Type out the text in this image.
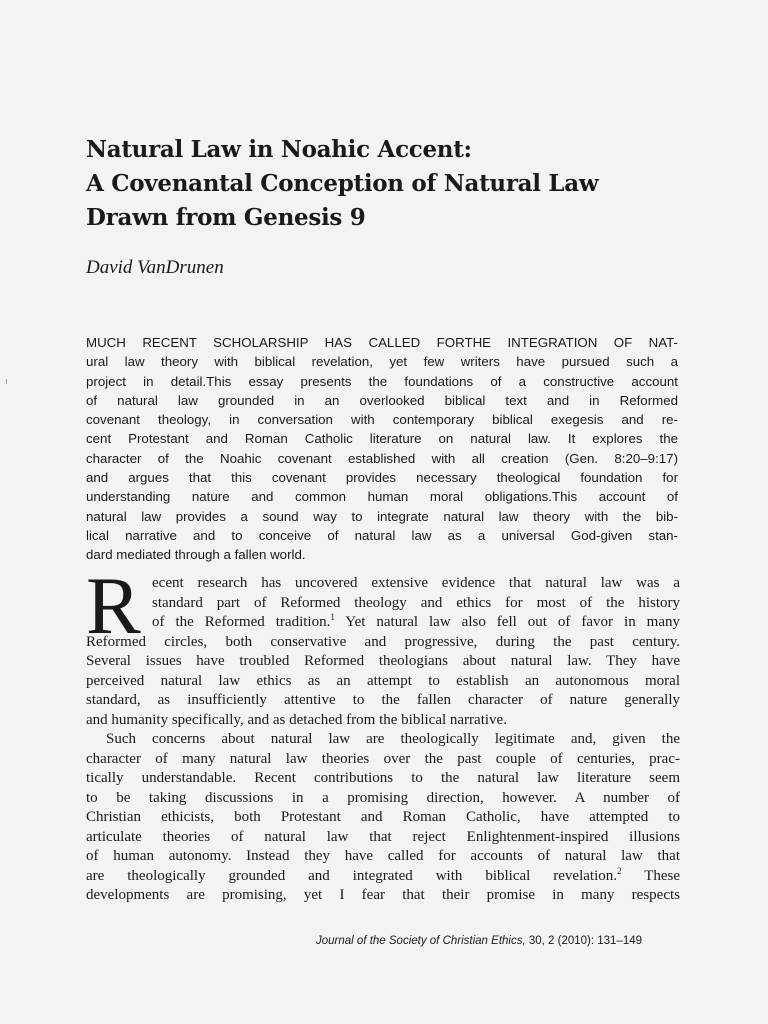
Natural Law in Noahic Accent:
A Covenantal Conception of Natural Law
Drawn from Genesis 9

David VanDrunen

MUCH RECENT SCHOLARSHIP HAS CALLED FORTHE INTEGRATION OF NAT-
ural law theory with biblical revelation, yet few writers have pursued such a
project in detail.This essay presents the foundations of a constructive account
of natural law grounded in an overlooked biblical text and in Reformed
covenant theology, in conversation with contemporary biblical exegesis and re-
cent Protestant and Roman Catholic literature on natural law. It explores the
character of the Noahic covenant established with all creation (Gen. 8:20–9:17)
and argues that this covenant provides necessary theological foundation for
understanding nature and common human moral obligations.This account of
natural law provides a sound way to integrate natural law theory with the bib-
lical narrative and to conceive of natural law as a universal God-given stan-
dard mediated through a fallen world.
R ecent research has uncovered extensive evidence that natural law was a
standard part of Reformed theology and ethics for most of the history
of the Reformed tradition.$^1$ Yet natural law also fell out of favor in many
Reformed circles, both conservative and progressive, during the past century.
Several issues have troubled Reformed theologians about natural law. They have
perceived natural law ethics as an attempt to establish an autonomous moral
standard, as insufficiently attentive to the fallen character of nature generally
and humanity specifically, and as detached from the biblical narrative.
Such concerns about natural law are theologically legitimate and, given the
character of many natural law theories over the past couple of centuries, prac-
tically understandable. Recent contributions to the natural law literature seem
to be taking discussions in a promising direction, however. A number of
Christian ethicists, both Protestant and Roman Catholic, have attempted to
articulate theories of natural law that reject Enlightenment-inspired illusions
of human autonomy. Instead they have called for accounts of natural law that
are theologically grounded and integrated with biblical revelation.$^2$ These
developments are promising, yet I fear that their promise in many respects

Journal of the Society of Christian Ethics, 30, 2 (2010): 131–149
